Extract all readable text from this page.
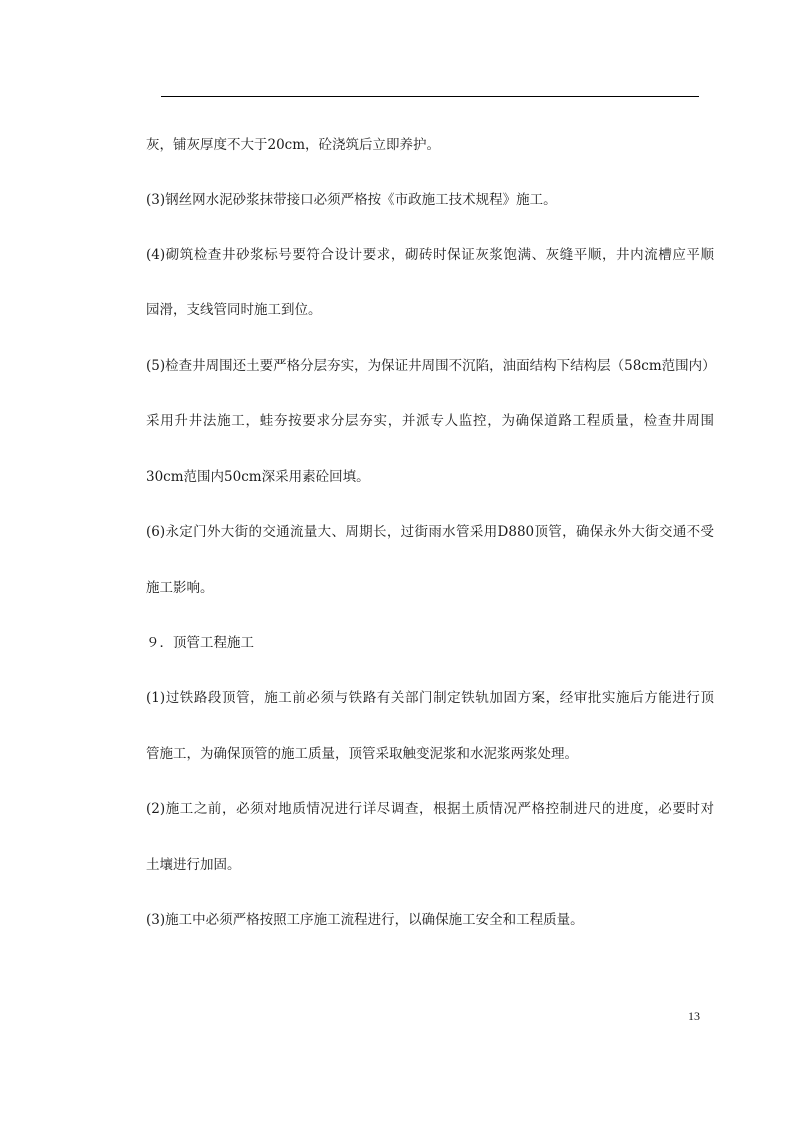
灰，铺灰厚度不大于20cm，砼浇筑后立即养护。
(3)钢丝网水泥砂浆抹带接口必须严格按《市政施工技术规程》施工。
(4)砌筑检查井砂浆标号要符合设计要求，砌砖时保证灰浆饱满、灰缝平顺，井内流槽应平顺
园滑，支线管同时施工到位。
(5)检查井周围还土要严格分层夯实，为保证井周围不沉陷，油面结构下结构层（58cm范围内）
采用升井法施工，蛙夯按要求分层夯实，并派专人监控，为确保道路工程质量，检查井周围
30cm范围内50cm深采用素砼回填。
(6)永定门外大街的交通流量大、周期长，过街雨水管采用D880顶管，确保永外大街交通不受
施工影响。
９．顶管工程施工
(1)过铁路段顶管，施工前必须与铁路有关部门制定铁轨加固方案，经审批实施后方能进行顶
管施工，为确保顶管的施工质量，顶管采取触变泥浆和水泥浆两浆处理。
(2)施工之前，必须对地质情况进行详尽调查，根据土质情况严格控制进尺的进度，必要时对
土壤进行加固。
(3)施工中必须严格按照工序施工流程进行，以确保施工安全和工程质量。
13
